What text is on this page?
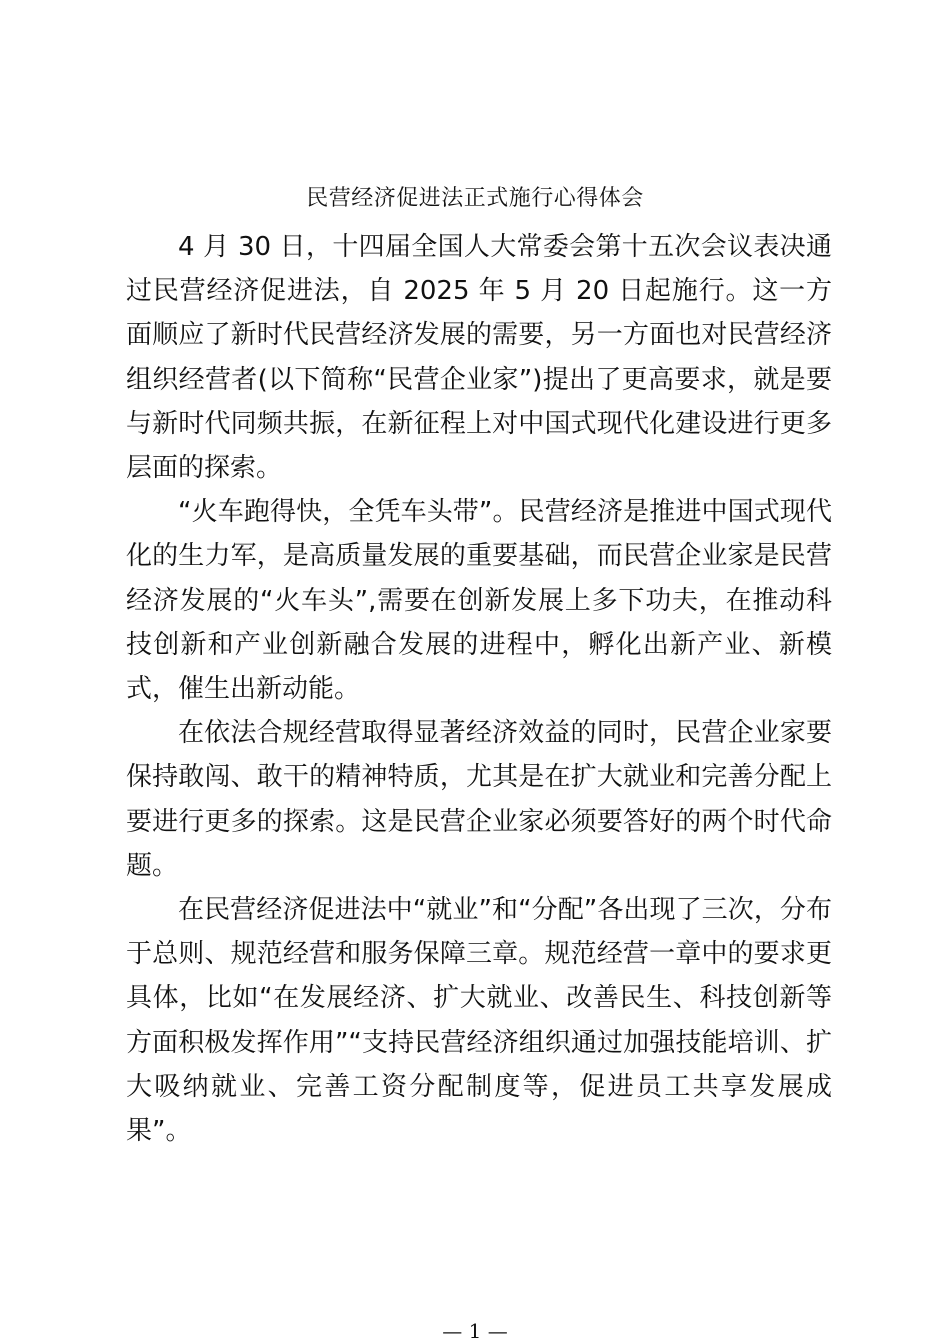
民营经济促进法正式施行心得体会

4 月 30 日，十四届全国人大常委会第十五次会议表决通过民营经济促进法，自 2025 年 5 月 20 日起施行。这一方面顺应了新时代民营经济发展的需要，另一方面也对民营经济组织经营者(以下简称“民营企业家”)提出了更高要求，就是要与新时代同频共振，在新征程上对中国式现代化建设进行更多层面的探索。

“火车跑得快，全凭车头带”。民营经济是推进中国式现代化的生力军，是高质量发展的重要基础，而民营企业家是民营经济发展的“火车头”,需要在创新发展上多下功夫，在推动科技创新和产业创新融合发展的进程中，孵化出新产业、新模式，催生出新动能。

在依法合规经营取得显著经济效益的同时，民营企业家要保持敢闯、敢干的精神特质，尤其是在扩大就业和完善分配上要进行更多的探索。这是民营企业家必须要答好的两个时代命题。

在民营经济促进法中“就业”和“分配”各出现了三次，分布于总则、规范经营和服务保障三章。规范经营一章中的要求更具体，比如“在发展经济、扩大就业、改善民生、科技创新等方面积极发挥作用”“支持民营经济组织通过加强技能培训、扩大吸纳就业、完善工资分配制度等，促进员工共享发展成果”。

— 1 —
